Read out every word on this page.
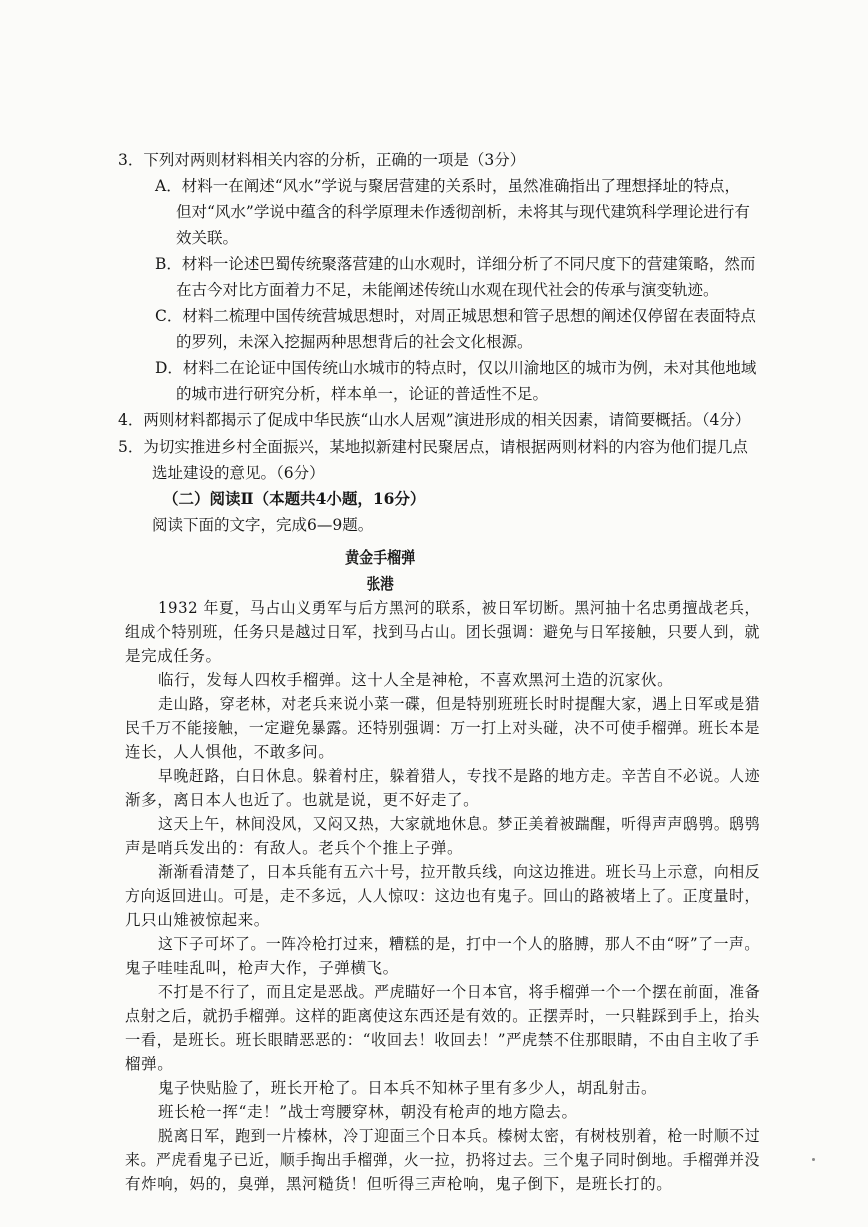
3．下列对两则材料相关内容的分析，正确的一项是（3分）
A．材料一在阐述“风水”学说与聚居营建的关系时，虽然准确指出了理想择址的特点，
但对“风水”学说中蕴含的科学原理未作透彻剖析，未将其与现代建筑科学理论进行有
效关联。
B．材料一论述巴蜀传统聚落营建的山水观时，详细分析了不同尺度下的营建策略，然而
在古今对比方面着力不足，未能阐述传统山水观在现代社会的传承与演变轨迹。
C．材料二梳理中国传统营城思想时，对周正城思想和管子思想的阐述仅停留在表面特点
的罗列，未深入挖掘两种思想背后的社会文化根源。
D．材料二在论证中国传统山水城市的特点时，仅以川渝地区的城市为例，未对其他地域
的城市进行研究分析，样本单一，论证的普适性不足。
4．两则材料都揭示了促成中华民族“山水人居观”演进形成的相关因素，请简要概括。（4分）
5．为切实推进乡村全面振兴，某地拟新建村民聚居点，请根据两则材料的内容为他们提几点
选址建设的意见。（6分）
（二）阅读Ⅱ（本题共4小题，16分）
阅读下面的文字，完成6—9题。
黄金手榴弹
张港
1932 年夏，马占山义勇军与后方黑河的联系，被日军切断。黑河抽十名忠勇擅战老兵，
组成个特别班，任务只是越过日军，找到马占山。团长强调：避免与日军接触，只要人到，就
是完成任务。
临行，发每人四枚手榴弹。这十人全是神枪，不喜欢黑河土造的沉家伙。
走山路，穿老林，对老兵来说小菜一碟，但是特别班班长时时提醒大家，遇上日军或是猎
民千万不能接触，一定避免暴露。还特别强调：万一打上对头碰，决不可使手榴弹。班长本是
连长，人人惧他，不敢多问。
早晚赶路，白日休息。躲着村庄，躲着猎人，专找不是路的地方走。辛苦自不必说。人迹
渐多，离日本人也近了。也就是说，更不好走了。
这天上午，林间没风，又闷又热，大家就地休息。梦正美着被踹醒，听得声声鸱鸮。鸱鸮
声是哨兵发出的：有敌人。老兵个个推上子弹。
渐渐看清楚了，日本兵能有五六十号，拉开散兵线，向这边推进。班长马上示意，向相反
方向返回进山。可是，走不多远，人人惊叹：这边也有鬼子。回山的路被堵上了。正度量时，
几只山雉被惊起来。
这下子可坏了。一阵冷枪打过来，糟糕的是，打中一个人的胳膊，那人不由“呀”了一声。
鬼子哇哇乱叫，枪声大作，子弹横飞。
不打是不行了，而且定是恶战。严虎瞄好一个日本官，将手榴弹一个一个摆在前面，准备
点射之后，就扔手榴弹。这样的距离使这东西还是有效的。正摆弄时，一只鞋踩到手上，抬头
一看，是班长。班长眼睛恶恶的：“收回去！收回去！”严虎禁不住那眼睛，不由自主收了手
榴弹。
鬼子快贴脸了，班长开枪了。日本兵不知林子里有多少人，胡乱射击。
班长枪一挥“走！”战士弯腰穿林，朝没有枪声的地方隐去。
脱离日军，跑到一片榛林，冷丁迎面三个日本兵。榛树太密，有树枝别着，枪一时顺不过
来。严虎看鬼子已近，顺手掏出手榴弹，火一拉，扔将过去。三个鬼子同时倒地。手榴弹并没
有炸响，妈的，臭弹，黑河糙货！但听得三声枪响，鬼子倒下，是班长打的。
